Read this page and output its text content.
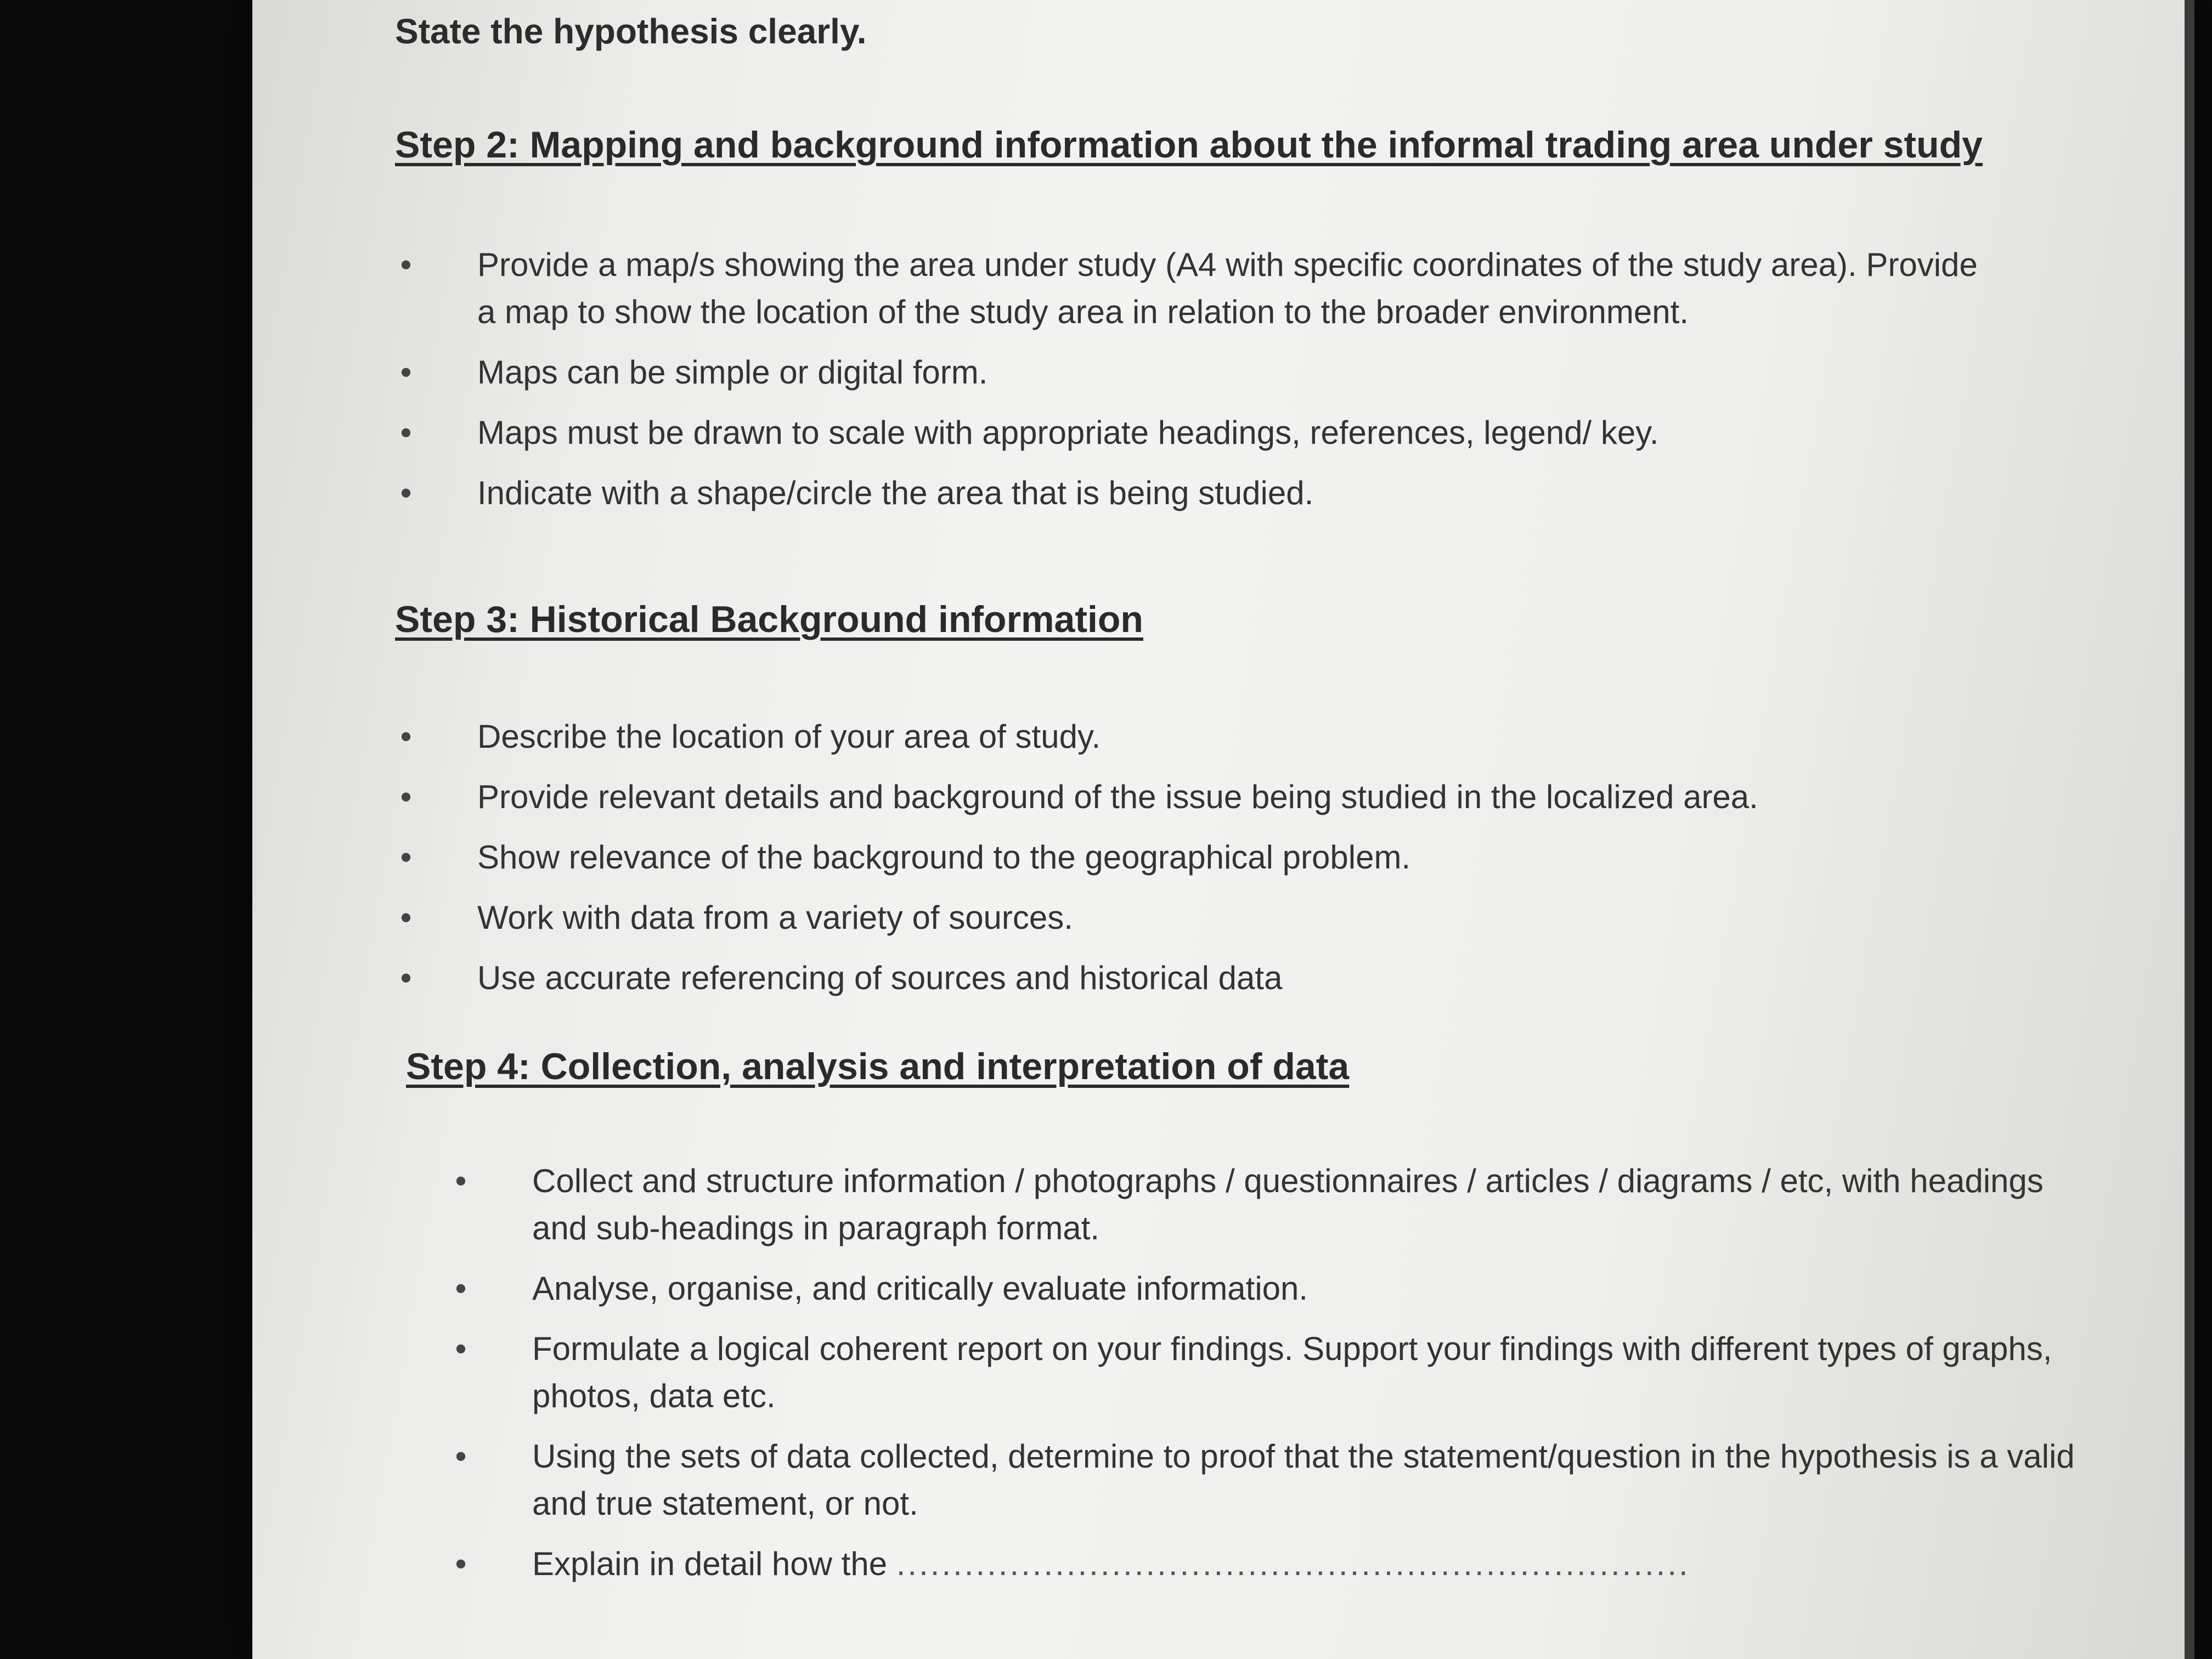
State the hypothesis clearly.
Step 2: Mapping and background information about the informal trading area under study
• Provide a map/s showing the area under study (A4 with specific coordinates of the study area). Provide a map to show the location of the study area in relation to the broader environment.
• Maps can be simple or digital form.
• Maps must be drawn to scale with appropriate headings, references, legend/ key.
• Indicate with a shape/circle the area that is being studied.
Step 3: Historical Background information
• Describe the location of your area of study.
• Provide relevant details and background of the issue being studied in the localized area.
• Show relevance of the background to the geographical problem.
• Work with data from a variety of sources.
• Use accurate referencing of sources and historical data
Step 4: Collection, analysis and interpretation of data
• Collect and structure information / photographs / questionnaires / articles / diagrams / etc, with headings and sub-headings in paragraph format.
• Analyse, organise, and critically evaluate information.
• Formulate a logical coherent report on your findings. Support your findings with different types of graphs, photos, data etc.
• Using the sets of data collected, determine to proof that the statement/question in the hypothesis is a valid and true statement, or not.
• Explain in detail how the ......................................................................
